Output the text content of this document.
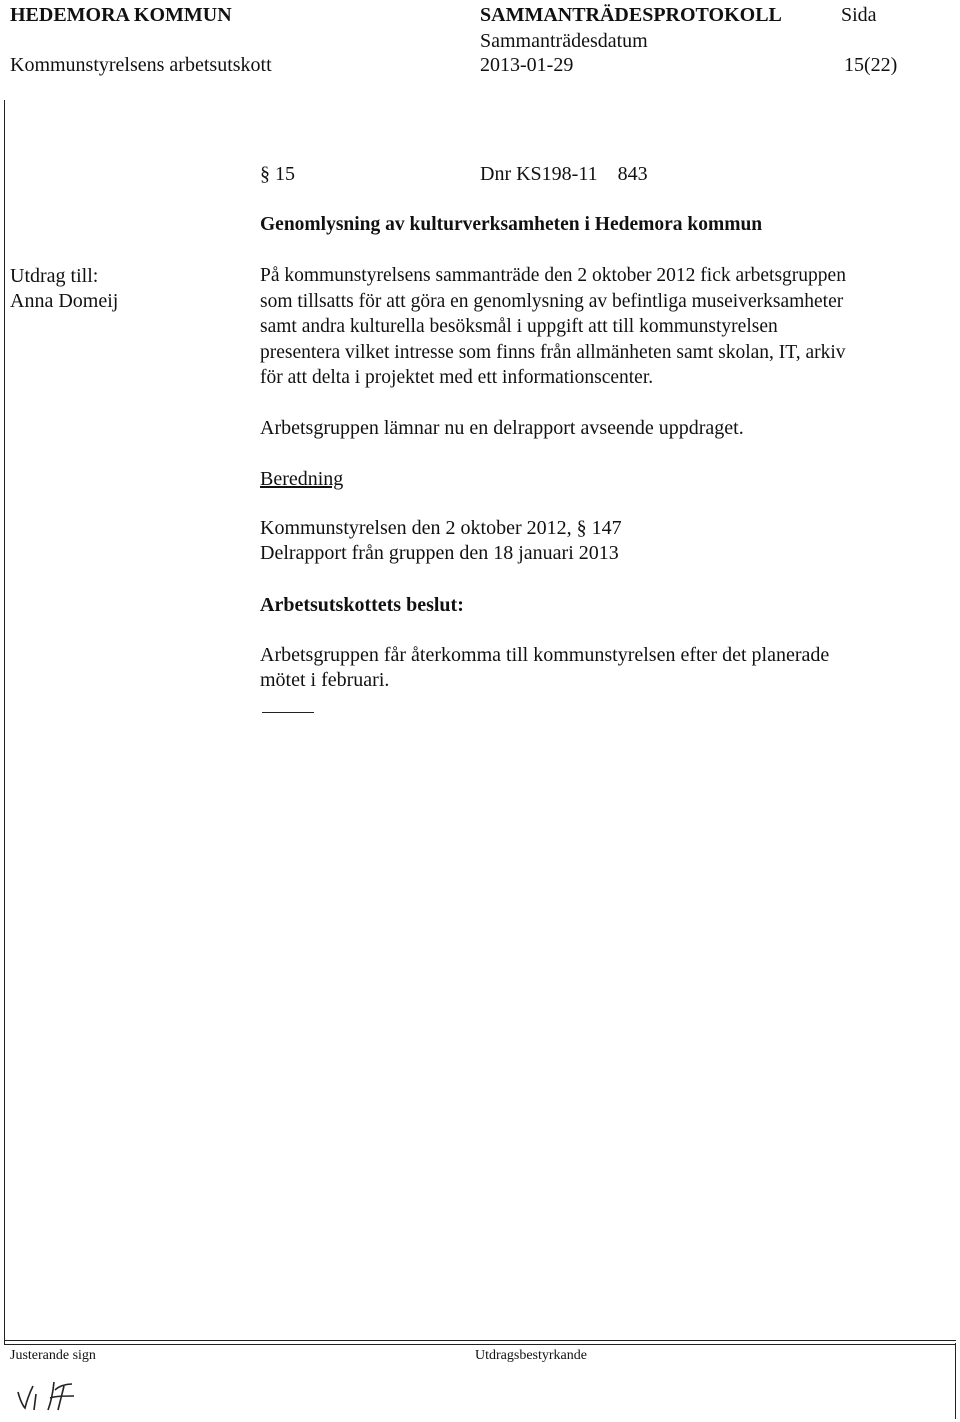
HEDEMORA KOMMUN	SAMMANTRÄDESPROTOKOLL	Sida
Kommunstyrelsens arbetsutskott
Sammanträdesdatum
2013-01-29	15(22)
§ 15	Dnr KS198-11 843
Genomlysning av kulturverksamheten i Hedemora kommun
Utdrag till:
Anna Domeij
På kommunstyrelsens sammanträde den 2 oktober 2012 fick arbetsgruppen
som tillsatts för att göra en genomlysning av befintliga museiverksamheter
samt andra kulturella besöksmål i uppgift att till kommunstyrelsen
presentera vilket intresse som finns från allmänheten samt skolan, IT, arkiv
för att delta i projektet med ett informationscenter.
Arbetsgruppen lämnar nu en delrapport avseende uppdraget.
Beredning
Kommunstyrelsen den 2 oktober 2012, § 147
Delrapport från gruppen den 18 januari 2013
Arbetsutskottets beslut:
Arbetsgruppen får återkomma till kommunstyrelsen efter det planerade
mötet i februari.
Justerande sign	Utdragsbestyrkande
